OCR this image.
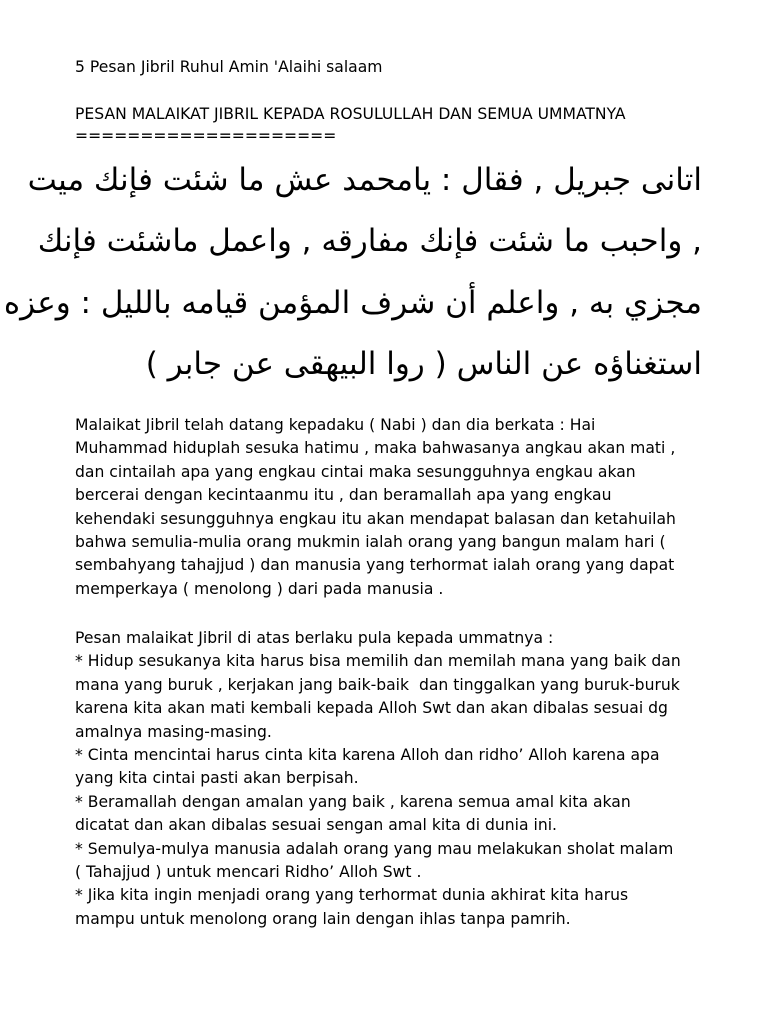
5 Pesan Jibril Ruhul Amin 'Alaihi salaam
PESAN MALAIKAT JIBRIL KEPADA ROSULULLAH DAN SEMUA UMMATNYA
====================
اتانى جبريل , فقال : يامحمد عش ما شئت فإنك ميت
, واحبب ما شئت فإنك مفارقه , واعمل ماشئت فإنك
مجزي به , واعلم أن شرف المؤمن قيامه بالليل : وعزه
استغناؤه عن الناس ( روا البيهقى عن جابر )
Malaikat Jibril telah datang kepadaku ( Nabi ) dan dia berkata : Hai
Muhammad hiduplah sesuka hatimu , maka bahwasanya angkau akan mati ,
dan cintailah apa yang engkau cintai maka sesungguhnya engkau akan
bercerai dengan kecintaanmu itu , dan beramallah apa yang engkau
kehendaki sesungguhnya engkau itu akan mendapat balasan dan ketahuilah
bahwa semulia-mulia orang mukmin ialah orang yang bangun malam hari (
sembahyang tahajjud ) dan manusia yang terhormat ialah orang yang dapat
memperkaya ( menolong ) dari pada manusia .
Pesan malaikat Jibril di atas berlaku pula kepada ummatnya :
* Hidup sesukanya kita harus bisa memilih dan memilah mana yang baik dan
mana yang buruk , kerjakan jang baik-baik  dan tinggalkan yang buruk-buruk
karena kita akan mati kembali kepada Alloh Swt dan akan dibalas sesuai dg
amalnya masing-masing.
* Cinta mencintai harus cinta kita karena Alloh dan ridho’ Alloh karena apa
yang kita cintai pasti akan berpisah.
* Beramallah dengan amalan yang baik , karena semua amal kita akan
dicatat dan akan dibalas sesuai sengan amal kita di dunia ini.
* Semulya-mulya manusia adalah orang yang mau melakukan sholat malam
( Tahajjud ) untuk mencari Ridho’ Alloh Swt .
* Jika kita ingin menjadi orang yang terhormat dunia akhirat kita harus
mampu untuk menolong orang lain dengan ihlas tanpa pamrih.
